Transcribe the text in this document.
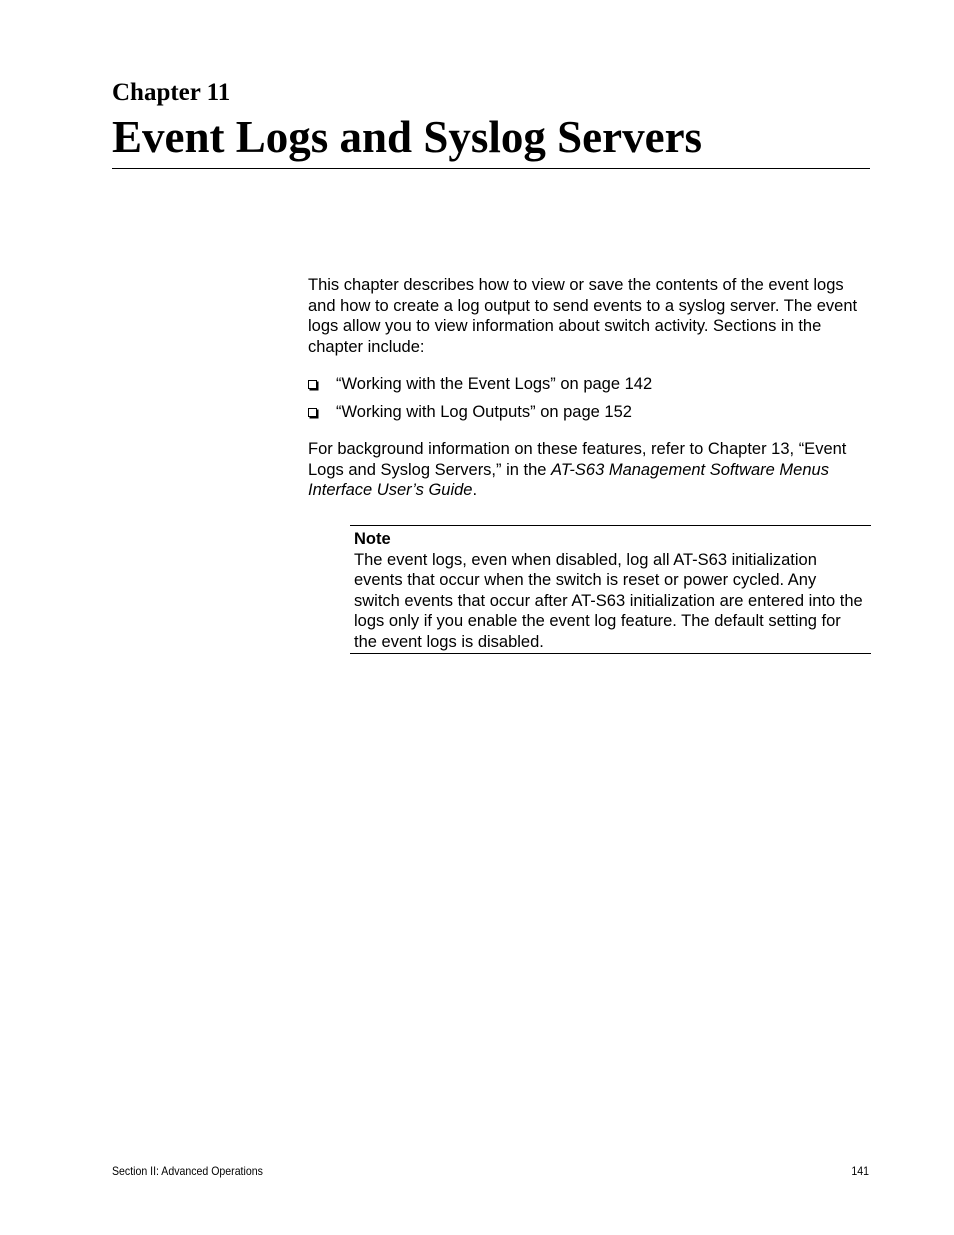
Chapter 11
Event Logs and Syslog Servers

This chapter describes how to view or save the contents of the event logs and how to create a log output to send events to a syslog server. The event logs allow you to view information about switch activity. Sections in the chapter include:

“Working with the Event Logs” on page 142
“Working with Log Outputs” on page 152

For background information on these features, refer to Chapter 13, “Event Logs and Syslog Servers,” in the AT-S63 Management Software Menus Interface User’s Guide.

Note

The event logs, even when disabled, log all AT-S63 initialization events that occur when the switch is reset or power cycled. Any switch events that occur after AT-S63 initialization are entered into the logs only if you enable the event log feature. The default setting for the event logs is disabled.

Section II: Advanced Operations	141
